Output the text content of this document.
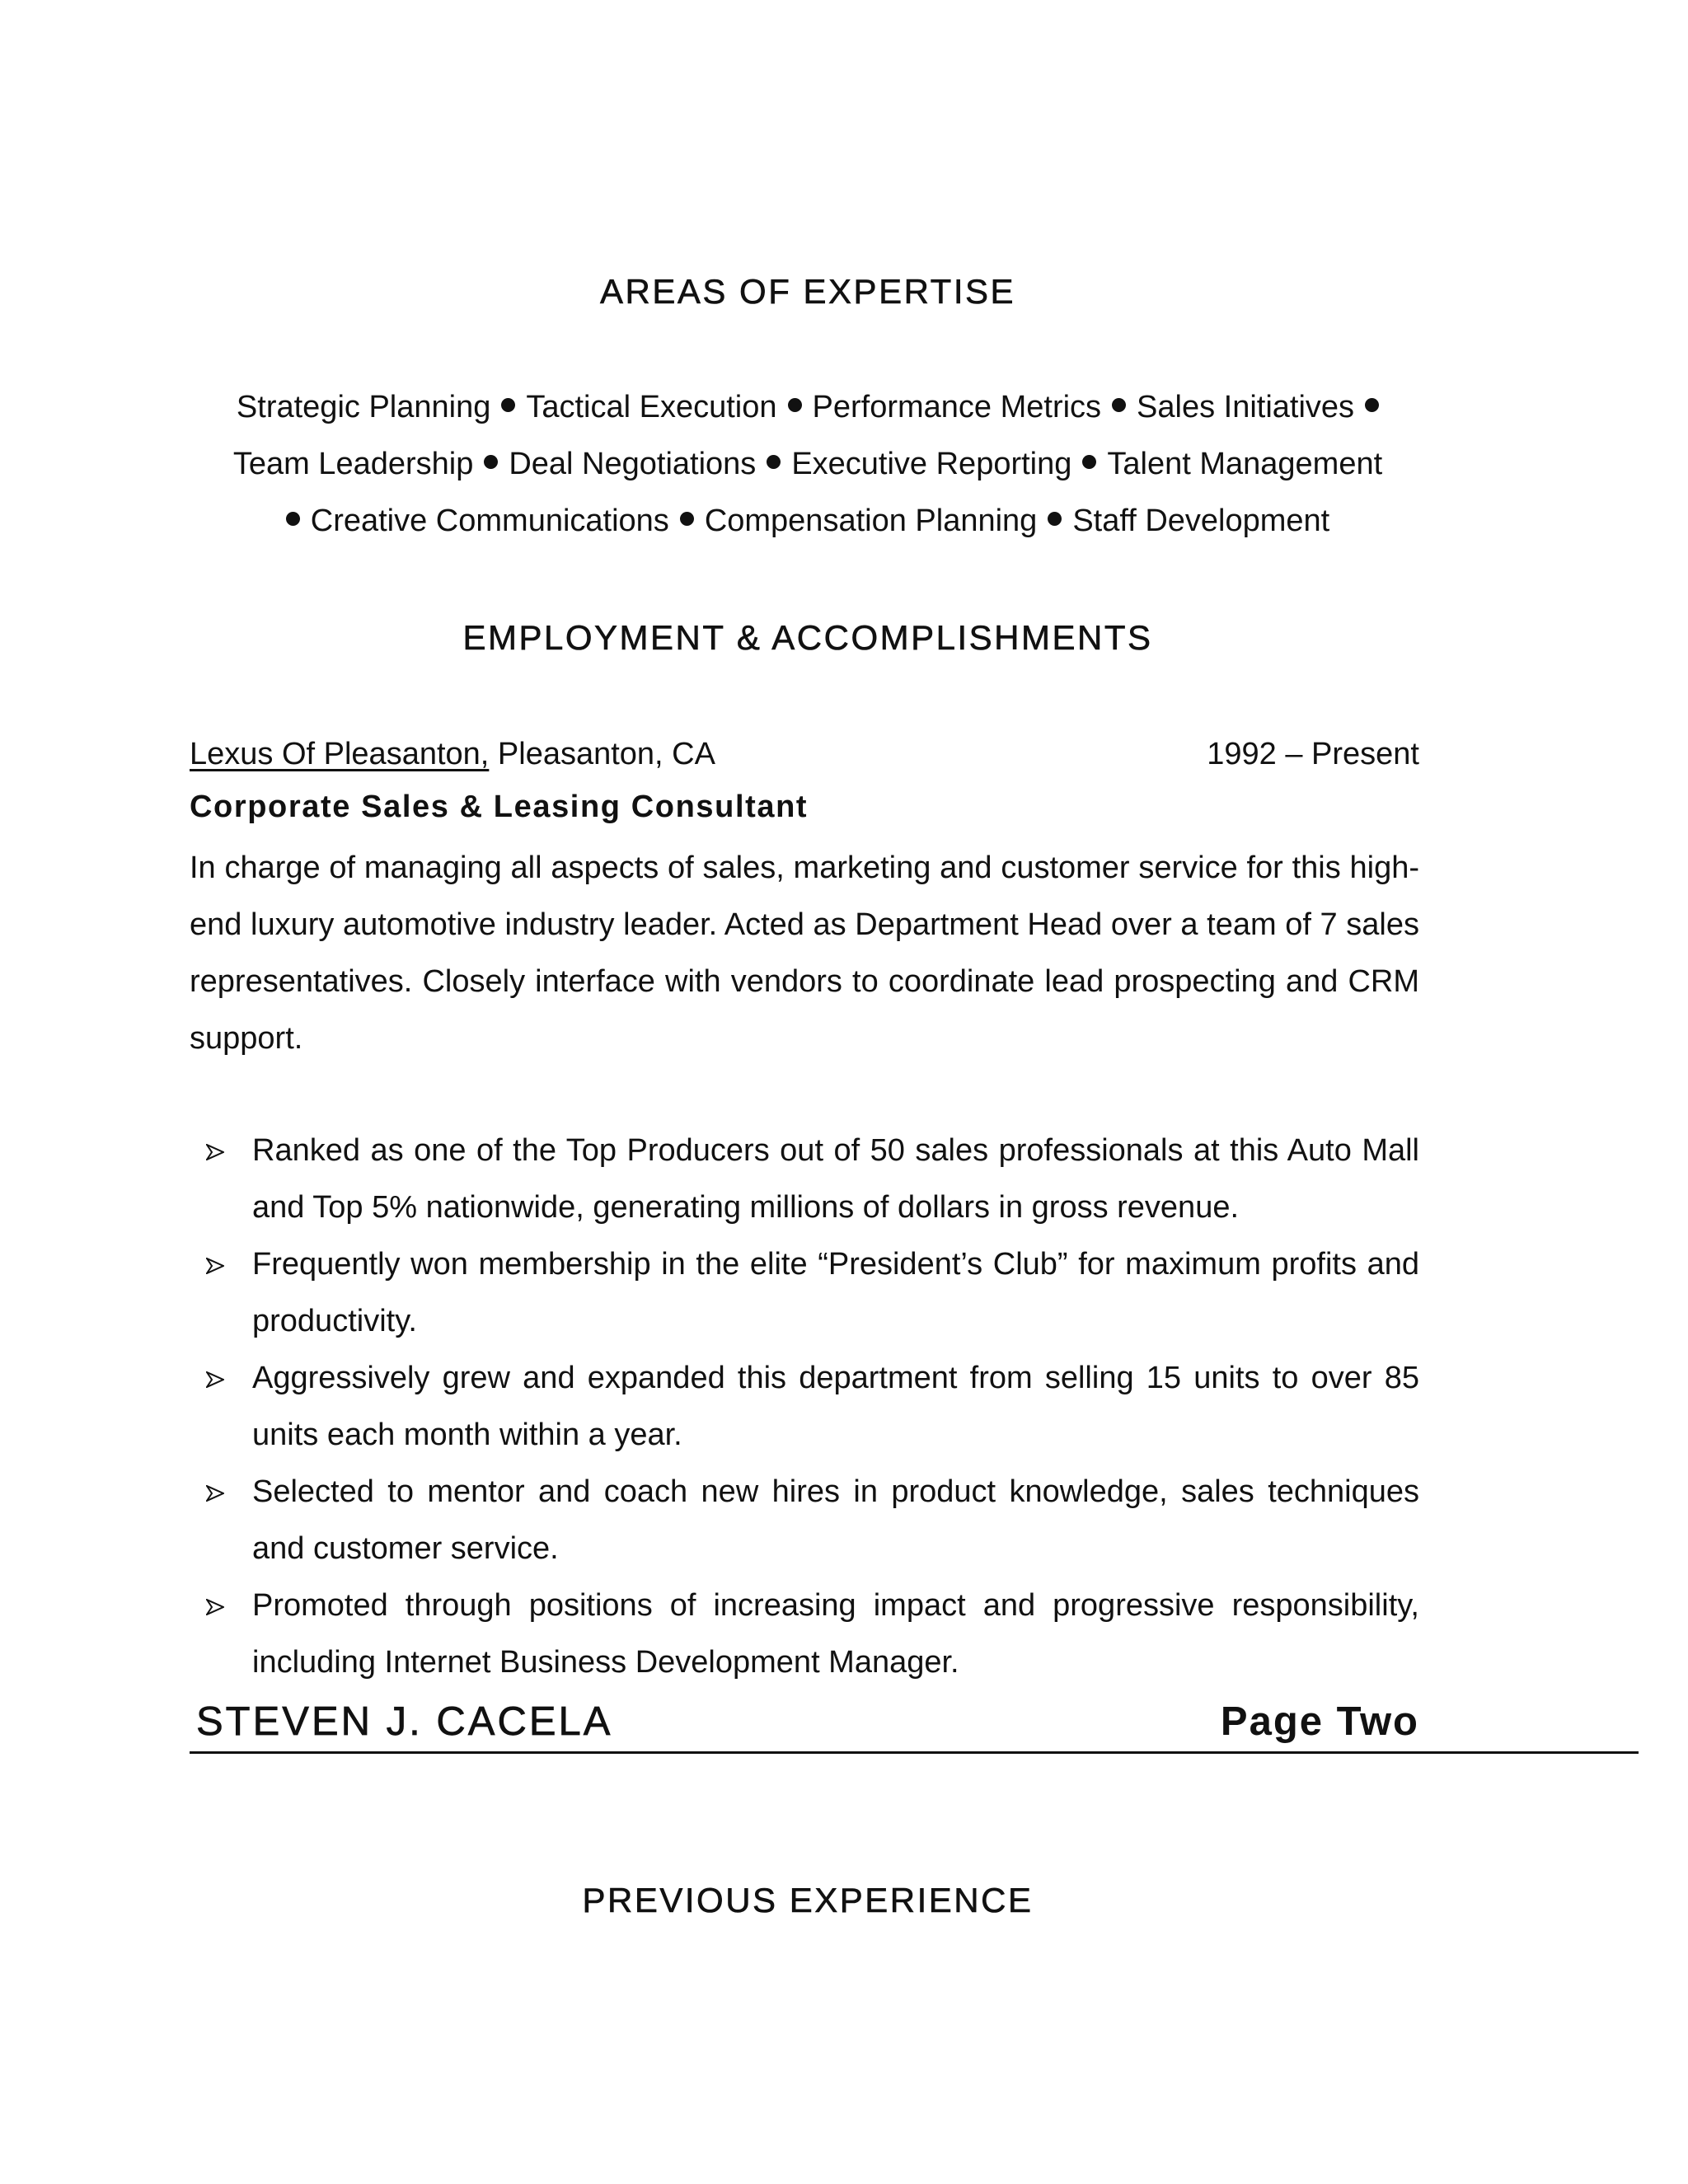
AREAS OF EXPERTISE
Strategic Planning Tactical Execution Performance Metrics Sales Initiatives
Team Leadership Deal Negotiations Executive Reporting Talent Management
Creative Communications Compensation Planning Staff Development
EMPLOYMENT & ACCOMPLISHMENTS
Lexus Of Pleasanton, Pleasanton, CA	1992 – Present
Corporate Sales & Leasing Consultant

In charge of managing all aspects of sales, marketing and customer service for this high-end luxury automotive industry leader. Acted as Department Head over a team of 7 sales representatives. Closely interface with vendors to coordinate lead prospecting and CRM support.

Ranked as one of the Top Producers out of 50 sales professionals at this Auto Mall and Top 5% nationwide, generating millions of dollars in gross revenue.
Frequently won membership in the elite “President’s Club” for maximum profits and productivity.
Aggressively grew and expanded this department from selling 15 units to over 85 units each month within a year.
Selected to mentor and coach new hires in product knowledge, sales techniques and customer service.
Promoted through positions of increasing impact and progressive responsibility, including Internet Business Development Manager.
STEVEN J. CACELA	Page Two
PREVIOUS EXPERIENCE
